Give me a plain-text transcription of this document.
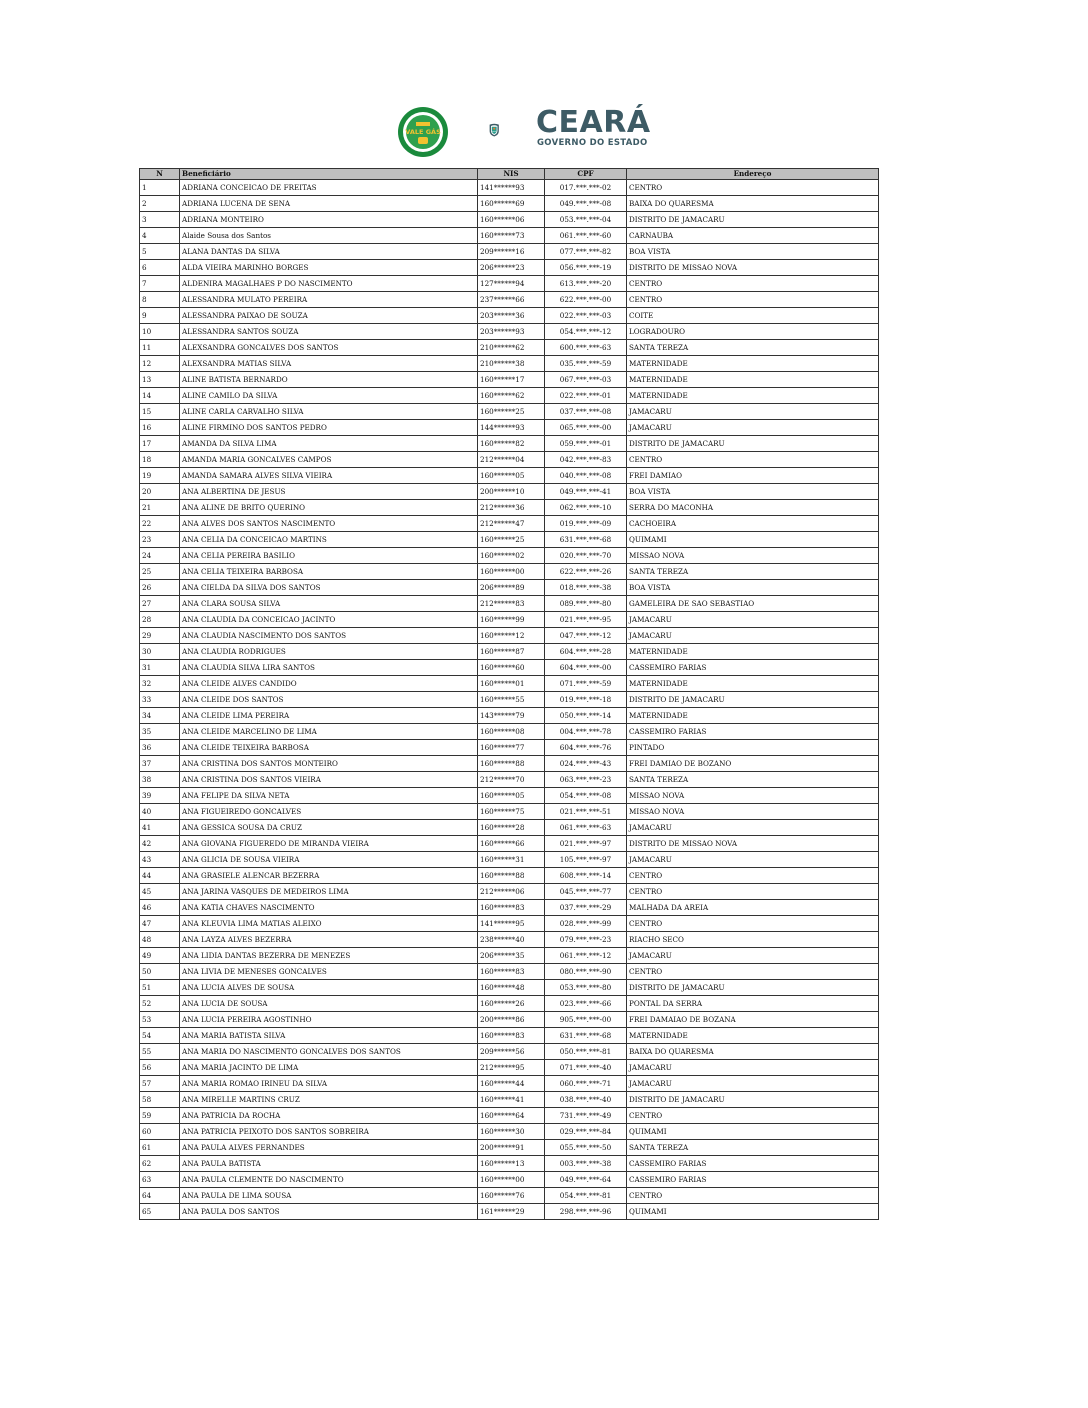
VALE GÁS	CEARÁ
GOVERNO DO ESTADO
N	Beneficiário	NIS	CPF	Endereço
1	ADRIANA CONCEICAO DE FREITAS	141******93	017.***.***-02	CENTRO
2	ADRIANA LUCENA DE SENA	160******69	049.***.***-08	BAIXA DO QUARESMA
3	ADRIANA MONTEIRO	160******06	053.***.***-04	DISTRITO DE JAMACARU
4	Alaide Sousa dos Santos	160******73	061.***.***-60	CARNAUBA
5	ALANA DANTAS DA SILVA	209******16	077.***.***-82	BOA VISTA
6	ALDA VIEIRA MARINHO BORGES	206******23	056.***.***-19	DISTRITO DE MISSAO NOVA
7	ALDENIRA MAGALHAES P DO NASCIMENTO	127******94	613.***.***-20	CENTRO
8	ALESSANDRA MULATO PEREIRA	237******66	622.***.***-00	CENTRO
9	ALESSANDRA PAIXAO DE SOUZA	203******36	022.***.***-03	COITE
10	ALESSANDRA SANTOS SOUZA	203******93	054.***.***-12	LOGRADOURO
11	ALEXSANDRA GONCALVES DOS SANTOS	210******62	600.***.***-63	SANTA TEREZA
12	ALEXSANDRA MATIAS SILVA	210******38	035.***.***-59	MATERNIDADE
13	ALINE BATISTA BERNARDO	160******17	067.***.***-03	MATERNIDADE
14	ALINE CAMILO DA SILVA	160******62	022.***.***-01	MATERNIDADE
15	ALINE CARLA CARVALHO SILVA	160******25	037.***.***-08	JAMACARU
16	ALINE FIRMINO DOS SANTOS PEDRO	144******93	065.***.***-00	JAMACARU
17	AMANDA DA SILVA LIMA	160******82	059.***.***-01	DISTRITO DE JAMACARU
18	AMANDA MARIA GONCALVES CAMPOS	212******04	042.***.***-83	CENTRO
19	AMANDA SAMARA ALVES SILVA VIEIRA	160******05	040.***.***-08	FREI DAMIAO
20	ANA ALBERTINA DE JESUS	200******10	049.***.***-41	BOA VISTA
21	ANA ALINE DE BRITO QUERINO	212******36	062.***.***-10	SERRA DO MACONHA
22	ANA ALVES DOS SANTOS NASCIMENTO	212******47	019.***.***-09	CACHOEIRA
23	ANA CELIA DA CONCEICAO MARTINS	160******25	631.***.***-68	QUIMAMI
24	ANA CELIA PEREIRA BASILIO	160******02	020.***.***-70	MISSAO NOVA
25	ANA CELIA TEIXEIRA BARBOSA	160******00	622.***.***-26	SANTA TEREZA
26	ANA CIELDA DA SILVA DOS SANTOS	206******89	018.***.***-38	BOA VISTA
27	ANA CLARA SOUSA SILVA	212******83	089.***.***-80	GAMELEIRA DE SAO SEBASTIAO
28	ANA CLAUDIA DA CONCEICAO JACINTO	160******99	021.***.***-95	JAMACARU
29	ANA CLAUDIA NASCIMENTO DOS SANTOS	160******12	047.***.***-12	JAMACARU
30	ANA CLAUDIA RODRIGUES	160******87	604.***.***-28	MATERNIDADE
31	ANA CLAUDIA SILVA LIRA SANTOS	160******60	604.***.***-00	CASSEMIRO FARIAS
32	ANA CLEIDE ALVES CANDIDO	160******01	071.***.***-59	MATERNIDADE
33	ANA CLEIDE DOS SANTOS	160******55	019.***.***-18	DISTRITO DE JAMACARU
34	ANA CLEIDE LIMA PEREIRA	143******79	050.***.***-14	MATERNIDADE
35	ANA CLEIDE MARCELINO DE LIMA	160******08	004.***.***-78	CASSEMIRO FARIAS
36	ANA CLEIDE TEIXEIRA BARBOSA	160******77	604.***.***-76	PINTADO
37	ANA CRISTINA DOS SANTOS MONTEIRO	160******88	024.***.***-43	FREI DAMIAO DE BOZANO
38	ANA CRISTINA DOS SANTOS VIEIRA	212******70	063.***.***-23	SANTA TEREZA
39	ANA FELIPE DA SILVA NETA	160******05	054.***.***-08	MISSAO NOVA
40	ANA FIGUEIREDO GONCALVES	160******75	021.***.***-51	MISSAO NOVA
41	ANA GESSICA SOUSA DA CRUZ	160******28	061.***.***-63	JAMACARU
42	ANA GIOVANA FIGUEREDO DE MIRANDA VIEIRA	160******66	021.***.***-97	DISTRITO DE MISSAO NOVA
43	ANA GLICIA DE SOUSA VIEIRA	160******31	105.***.***-97	JAMACARU
44	ANA GRASIELE ALENCAR BEZERRA	160******88	608.***.***-14	CENTRO
45	ANA JARINA VASQUES DE MEDEIROS LIMA	212******06	045.***.***-77	CENTRO
46	ANA KATIA CHAVES NASCIMENTO	160******83	037.***.***-29	MALHADA DA AREIA
47	ANA KLEUVIA LIMA MATIAS ALEIXO	141******95	028.***.***-99	CENTRO
48	ANA LAYZA ALVES BEZERRA	238******40	079.***.***-23	RIACHO SECO
49	ANA LIDIA DANTAS BEZERRA DE MENEZES	206******35	061.***.***-12	JAMACARU
50	ANA LIVIA DE MENESES GONCALVES	160******83	080.***.***-90	CENTRO
51	ANA LUCIA ALVES DE SOUSA	160******48	053.***.***-80	DISTRITO DE JAMACARU
52	ANA LUCIA DE SOUSA	160******26	023.***.***-66	PONTAL DA SERRA
53	ANA LUCIA PEREIRA AGOSTINHO	200******86	905.***.***-00	FREI DAMAIAO DE BOZANA
54	ANA MARIA BATISTA SILVA	160******83	631.***.***-68	MATERNIDADE
55	ANA MARIA DO NASCIMENTO GONCALVES DOS SANTOS	209******56	050.***.***-81	BAIXA DO QUARESMA
56	ANA MARIA JACINTO DE LIMA	212******95	071.***.***-40	JAMACARU
57	ANA MARIA ROMAO IRINEU DA SILVA	160******44	060.***.***-71	JAMACARU
58	ANA MIRELLE MARTINS CRUZ	160******41	038.***.***-40	DISTRITO DE JAMACARU
59	ANA PATRICIA DA ROCHA	160******64	731.***.***-49	CENTRO
60	ANA PATRICIA PEIXOTO DOS SANTOS SOBREIRA	160******30	029.***.***-84	QUIMAMI
61	ANA PAULA ALVES FERNANDES	200******91	055.***.***-50	SANTA TEREZA
62	ANA PAULA BATISTA	160******13	003.***.***-38	CASSEMIRO FARIAS
63	ANA PAULA CLEMENTE DO NASCIMENTO	160******00	049.***.***-64	CASSEMIRO FARIAS
64	ANA PAULA DE LIMA SOUSA	160******76	054.***.***-81	CENTRO
65	ANA PAULA DOS SANTOS	161******29	298.***.***-96	QUIMAMI
